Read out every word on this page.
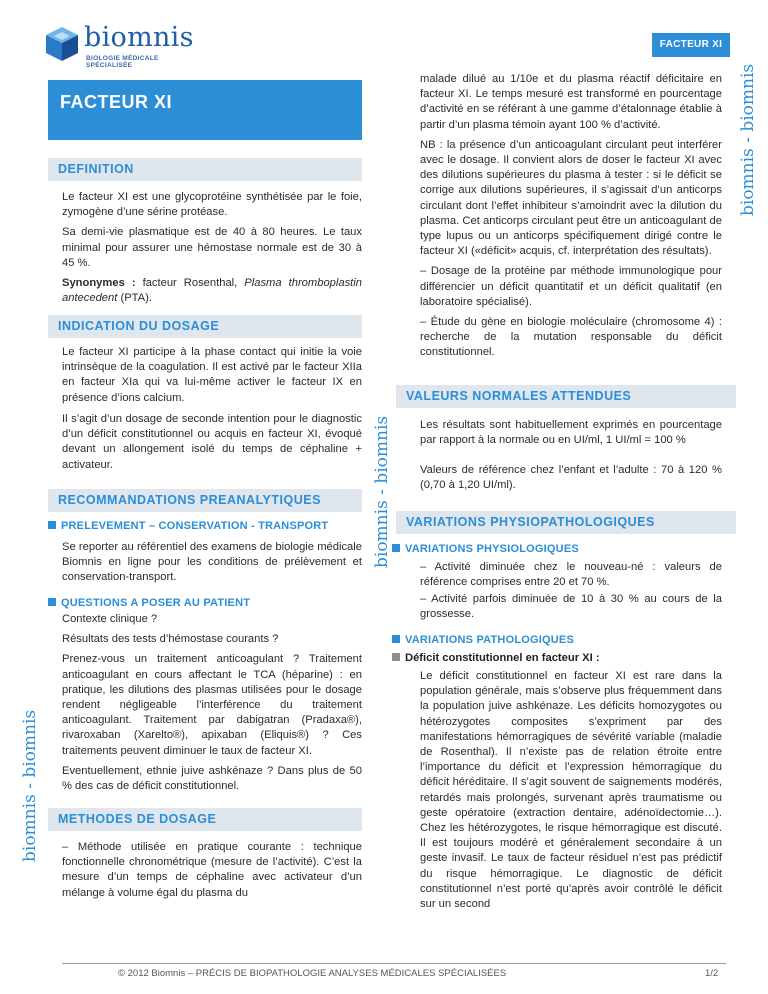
biomnis
BIOLOGIE MÉDICALE SPÉCIALISÉE
FACTEUR XI
biomnis - biomnis
biomnis - biomnis
biomnis - biomnis
FACTEUR XI
DEFINITION

Le facteur XI est une glycoprotéine synthétisée par le foie, zymogène d’une sérine protéase.

Sa demi-vie plasmatique est de 40 à 80 heures. Le taux minimal pour assurer une hémostase normale est de 30 à 45 %.

Synonymes : facteur Rosenthal, Plasma thromboplastin antecedent (PTA).

INDICATION DU DOSAGE
Le facteur XI participe à la phase contact qui initie la voie intrinsèque de la coagulation. Il est activé par le facteur XIIa en facteur XIa qui va lui-même activer le facteur IX en présence d’ions calcium.
Il s’agit d’un dosage de seconde intention pour le diagnostic d’un déficit constitutionnel ou acquis en facteur XI, évoqué devant un allongement isolé du temps de céphaline + activateur.
RECOMMANDATIONS PREANALYTIQUES
PRELEVEMENT – CONSERVATION - TRANSPORT
Se reporter au référentiel des examens de biologie médicale Biomnis en ligne pour les conditions de prélèvement et conservation-transport.
QUESTIONS A POSER AU PATIENT

Contexte clinique ?

Résultats des tests d’hémostase courants ?

Prenez-vous un traitement anticoagulant ? Traitement anticoagulant en cours affectant le TCA (héparine) : en pratique, les dilutions des plasmas utilisées pour le dosage rendent négligeable l’interférence du traitement anticoagulant. Traitement par dabigatran (Pradaxa®), rivaroxaban (Xarelto®), apixaban (Eliquis®) ? Ces traitements peuvent diminuer le taux de facteur XI.

Eventuellement, ethnie juive ashkénaze ? Dans plus de 50 % des cas de déficit constitutionnel.

METHODES DE DOSAGE
– Méthode utilisée en pratique courante : technique fonctionnelle chronométrique (mesure de l’activité). C’est la mesure d’un temps de céphaline avec activateur d’un mélange à volume égal du plasma du

malade dilué au 1/10e et du plasma réactif déficitaire en facteur XI. Le temps mesuré est transformé en pourcentage d’activité en se référant à une gamme d’étalonnage établie à partir d’un plasma témoin ayant 100 % d’activité.

NB : la présence d’un anticoagulant circulant peut interférer avec le dosage. Il convient alors de doser le facteur XI avec des dilutions supérieures du plasma à tester : si le déficit se corrige aux dilutions supérieures, il s’agissait d’un anticorps circulant dont l’effet inhibiteur s’amoindrit avec la dilution du plasma. Cet anticorps circulant peut être un anticoagulant de type lupus ou un anticorps spécifiquement dirigé contre le facteur XI («déficit» acquis, cf. interprétation des résultats).

– Dosage de la protéine par méthode immunologique pour différencier un déficit quantitatif et un déficit qualitatif (en laboratoire spécialisé).

– Étude du gène en biologie moléculaire (chromosome 4) : recherche de la mutation responsable du déficit constitutionnel.

VALEURS NORMALES ATTENDUES
Les résultats sont habituellement exprimés en pourcentage par rapport à la normale ou en UI/ml, 1 UI/ml = 100 %
Valeurs de référence chez l’enfant et l’adulte : 70 à 120 % (0,70 à 1,20 UI/ml).
VARIATIONS PHYSIOPATHOLOGIQUES
VARIATIONS PHYSIOLOGIQUES
– Activité diminuée chez le nouveau-né : valeurs de référence comprises entre 20 et 70 %.
– Activité parfois diminuée de 10 à 30 % au cours de la grossesse.
VARIATIONS PATHOLOGIQUES
Déficit constitutionnel en facteur XI :
Le déficit constitutionnel en facteur XI est rare dans la population générale, mais s’observe plus fréquemment dans la population juive ashkénaze. Les déficits homozygotes ou hétérozygotes composites s’expriment par des manifestations hémorragiques de sévérité variable (maladie de Rosenthal). Il n’existe pas de relation étroite entre l’importance du déficit et l’expression hémorragique du déficit héréditaire. Il s’agit souvent de saignements modérés, retardés mais prolongés, survenant après traumatisme ou geste opératoire (extraction dentaire, adénoïdectomie…). Chez les hétérozygotes, le risque hémorragique est discuté. Il est toujours modéré et généralement secondaire à un geste invasif. Le taux de facteur résiduel n’est pas prédictif du risque hémorragique. Le diagnostic de déficit constitutionnel n’est porté qu’après avoir contrôlé le déficit sur un second
© 2012 Biomnis – PRÉCIS DE BIOPATHOLOGIE ANALYSES MÉDICALES SPÉCIALISÉES	1/2
